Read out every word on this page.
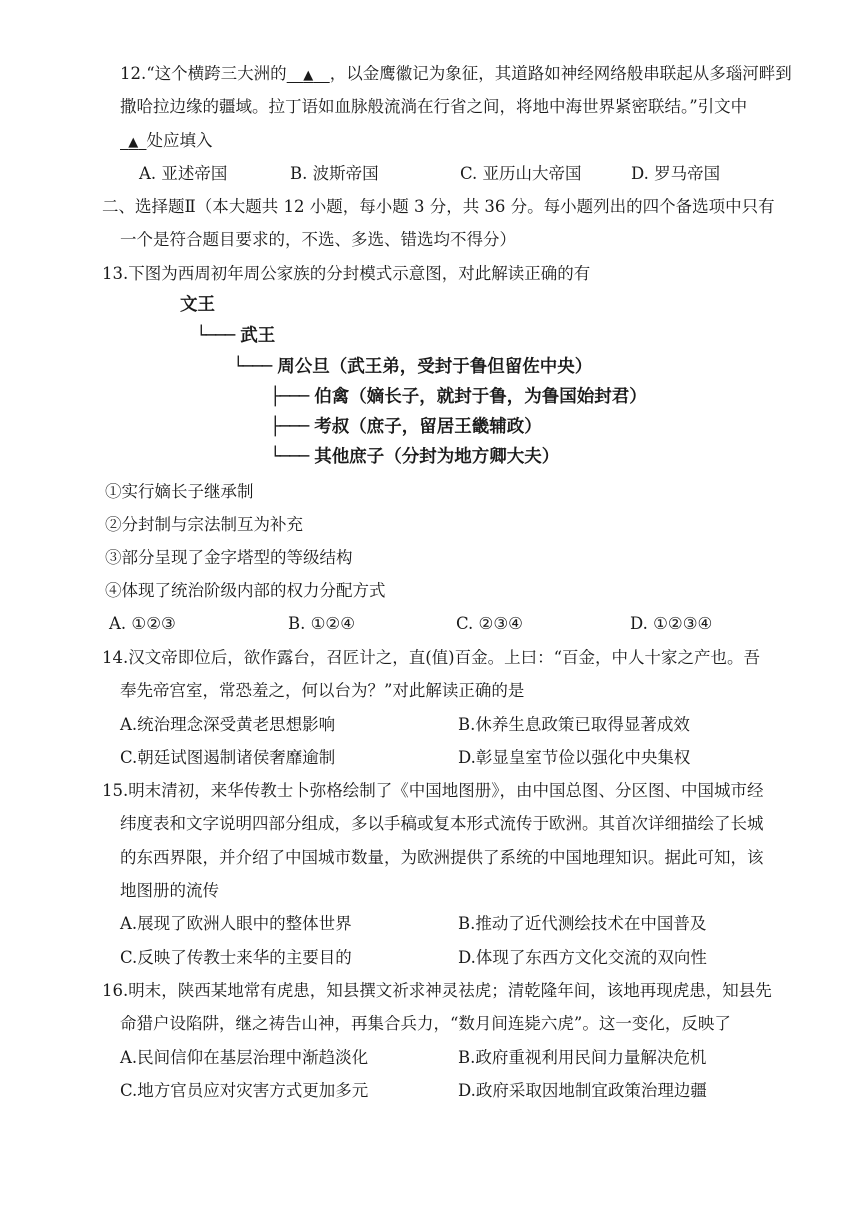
12.“这个横跨三大洲的  ▲  ，以金鹰徽记为象征，其道路如神经网络般串联起从多瑙河畔到
撒哈拉边缘的疆域。拉丁语如血脉般流淌在行省之间，将地中海世界紧密联结。”引文中
 ▲  处应填入
A. 亚述帝国	B. 波斯帝国	C. 亚历山大帝国	D. 罗马帝国
二、选择题Ⅱ（本大题共 12 小题，每小题 3 分，共 36 分。每小题列出的四个备选项中只有
一个是符合题目要求的，不选、多选、错选均不得分）
13.下图为西周初年周公家族的分封模式示意图，对此解读正确的有
文王
└─── 武王
└─── 周公旦（武王弟，受封于鲁但留佐中央）
├─── 伯禽（嫡长子，就封于鲁，为鲁国始封君）
├─── 考叔（庶子，留居王畿辅政）
└─── 其他庶子（分封为地方卿大夫）
①实行嫡长子继承制
②分封制与宗法制互为补充
③部分呈现了金字塔型的等级结构
④体现了统治阶级内部的权力分配方式
A. ①②③	B. ①②④	C. ②③④	D. ①②③④
14.汉文帝即位后，欲作露台，召匠计之，直(值)百金。上曰：“百金，中人十家之产也。吾
奉先帝宫室，常恐羞之，何以台为？”对此解读正确的是
A.统治理念深受黄老思想影响	B.休养生息政策已取得显著成效
C.朝廷试图遏制诸侯奢靡逾制	D.彰显皇室节俭以强化中央集权
15.明末清初，来华传教士卜弥格绘制了《中国地图册》，由中国总图、分区图、中国城市经
纬度表和文字说明四部分组成，多以手稿或复本形式流传于欧洲。其首次详细描绘了长城
的东西界限，并介绍了中国城市数量，为欧洲提供了系统的中国地理知识。据此可知，该
地图册的流传
A.展现了欧洲人眼中的整体世界	B.推动了近代测绘技术在中国普及
C.反映了传教士来华的主要目的	D.体现了东西方文化交流的双向性
16.明末，陕西某地常有虎患，知县撰文祈求神灵祛虎；清乾隆年间，该地再现虎患，知县先
命猎户设陷阱，继之祷告山神，再集合兵力，“数月间连毙六虎”。这一变化，反映了
A.民间信仰在基层治理中渐趋淡化	B.政府重视利用民间力量解决危机
C.地方官员应对灾害方式更加多元	D.政府采取因地制宜政策治理边疆
